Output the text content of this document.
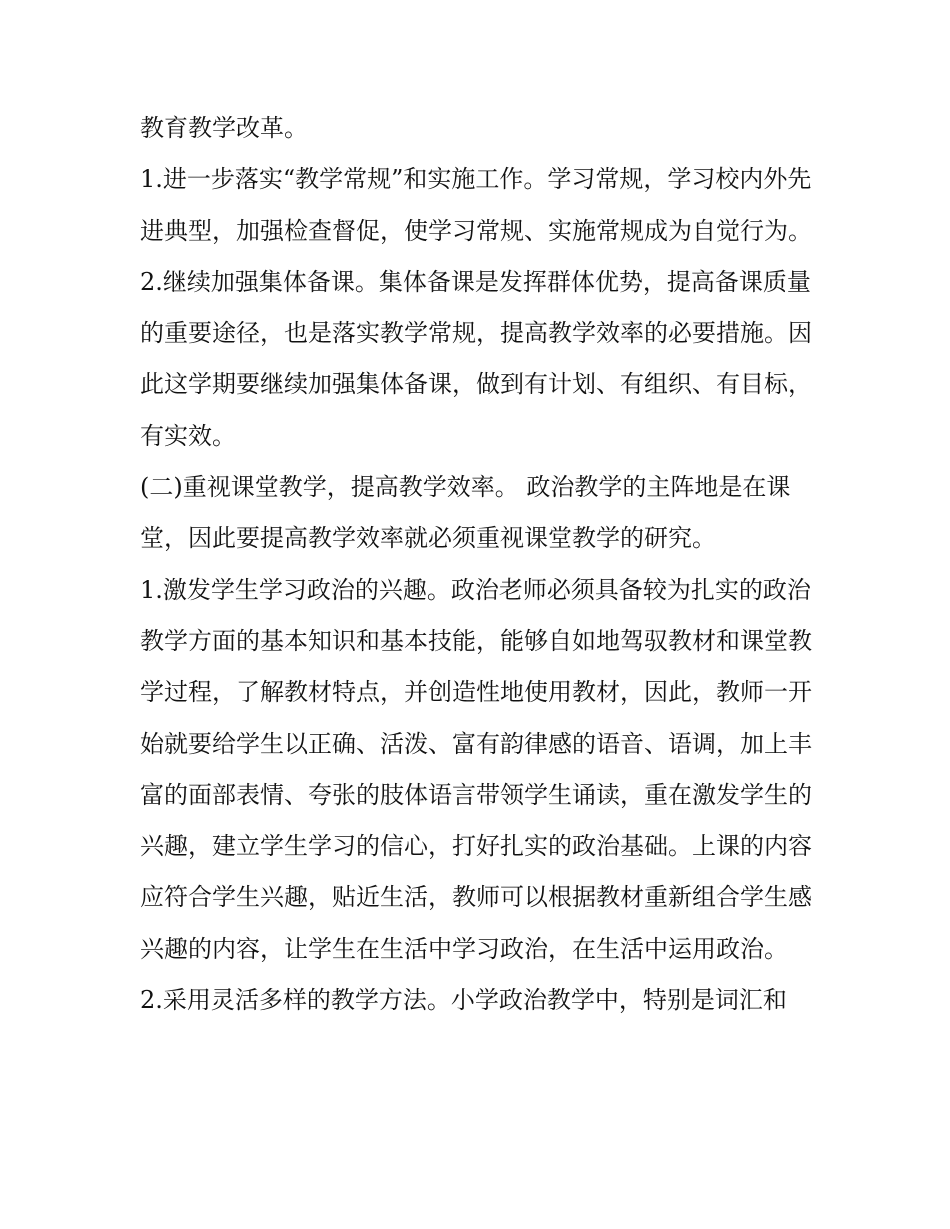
教育教学改革。

1.进一步落实“教学常规”和实施工作。学习常规，学习校内外先进典型，加强检查督促，使学习常规、实施常规成为自觉行为。

2.继续加强集体备课。集体备课是发挥群体优势，提高备课质量的重要途径，也是落实教学常规，提高教学效率的必要措施。因此这学期要继续加强集体备课，做到有计划、有组织、有目标，有实效。

(二)重视课堂教学，提高教学效率。 政治教学的主阵地是在课堂，因此要提高教学效率就必须重视课堂教学的研究。

1.激发学生学习政治的兴趣。政治老师必须具备较为扎实的政治教学方面的基本知识和基本技能，能够自如地驾驭教材和课堂教学过程，了解教材特点，并创造性地使用教材，因此，教师一开始就要给学生以正确、活泼、富有韵律感的语音、语调，加上丰富的面部表情、夸张的肢体语言带领学生诵读，重在激发学生的兴趣，建立学生学习的信心，打好扎实的政治基础。上课的内容应符合学生兴趣，贴近生活，教师可以根据教材重新组合学生感兴趣的内容，让学生在生活中学习政治，在生活中运用政治。

2.采用灵活多样的教学方法。小学政治教学中，特别是词汇和
